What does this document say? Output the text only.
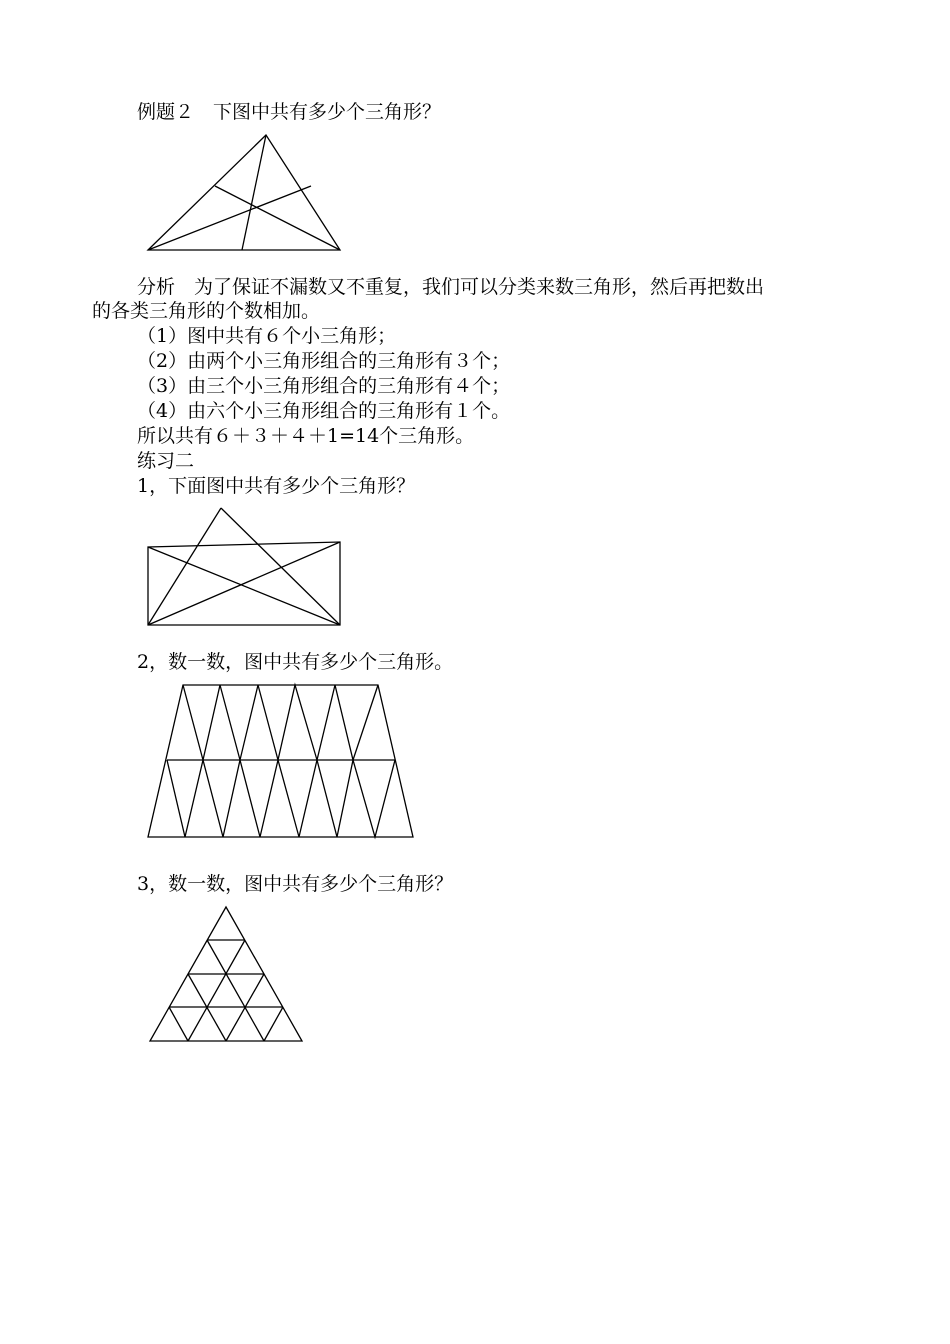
例题２　下图中共有多少个三角形？
分析　为了保证不漏数又不重复，我们可以分类来数三角形，然后再把数出
的各类三角形的个数相加。
（1）图中共有６个小三角形；
（2）由两个小三角形组合的三角形有３个；
（3）由三个小三角形组合的三角形有４个；
（4）由六个小三角形组合的三角形有１个。
所以共有６＋３＋４＋1=14个三角形。
练习二
1，下面图中共有多少个三角形？
2，数一数，图中共有多少个三角形。
3，数一数，图中共有多少个三角形？
